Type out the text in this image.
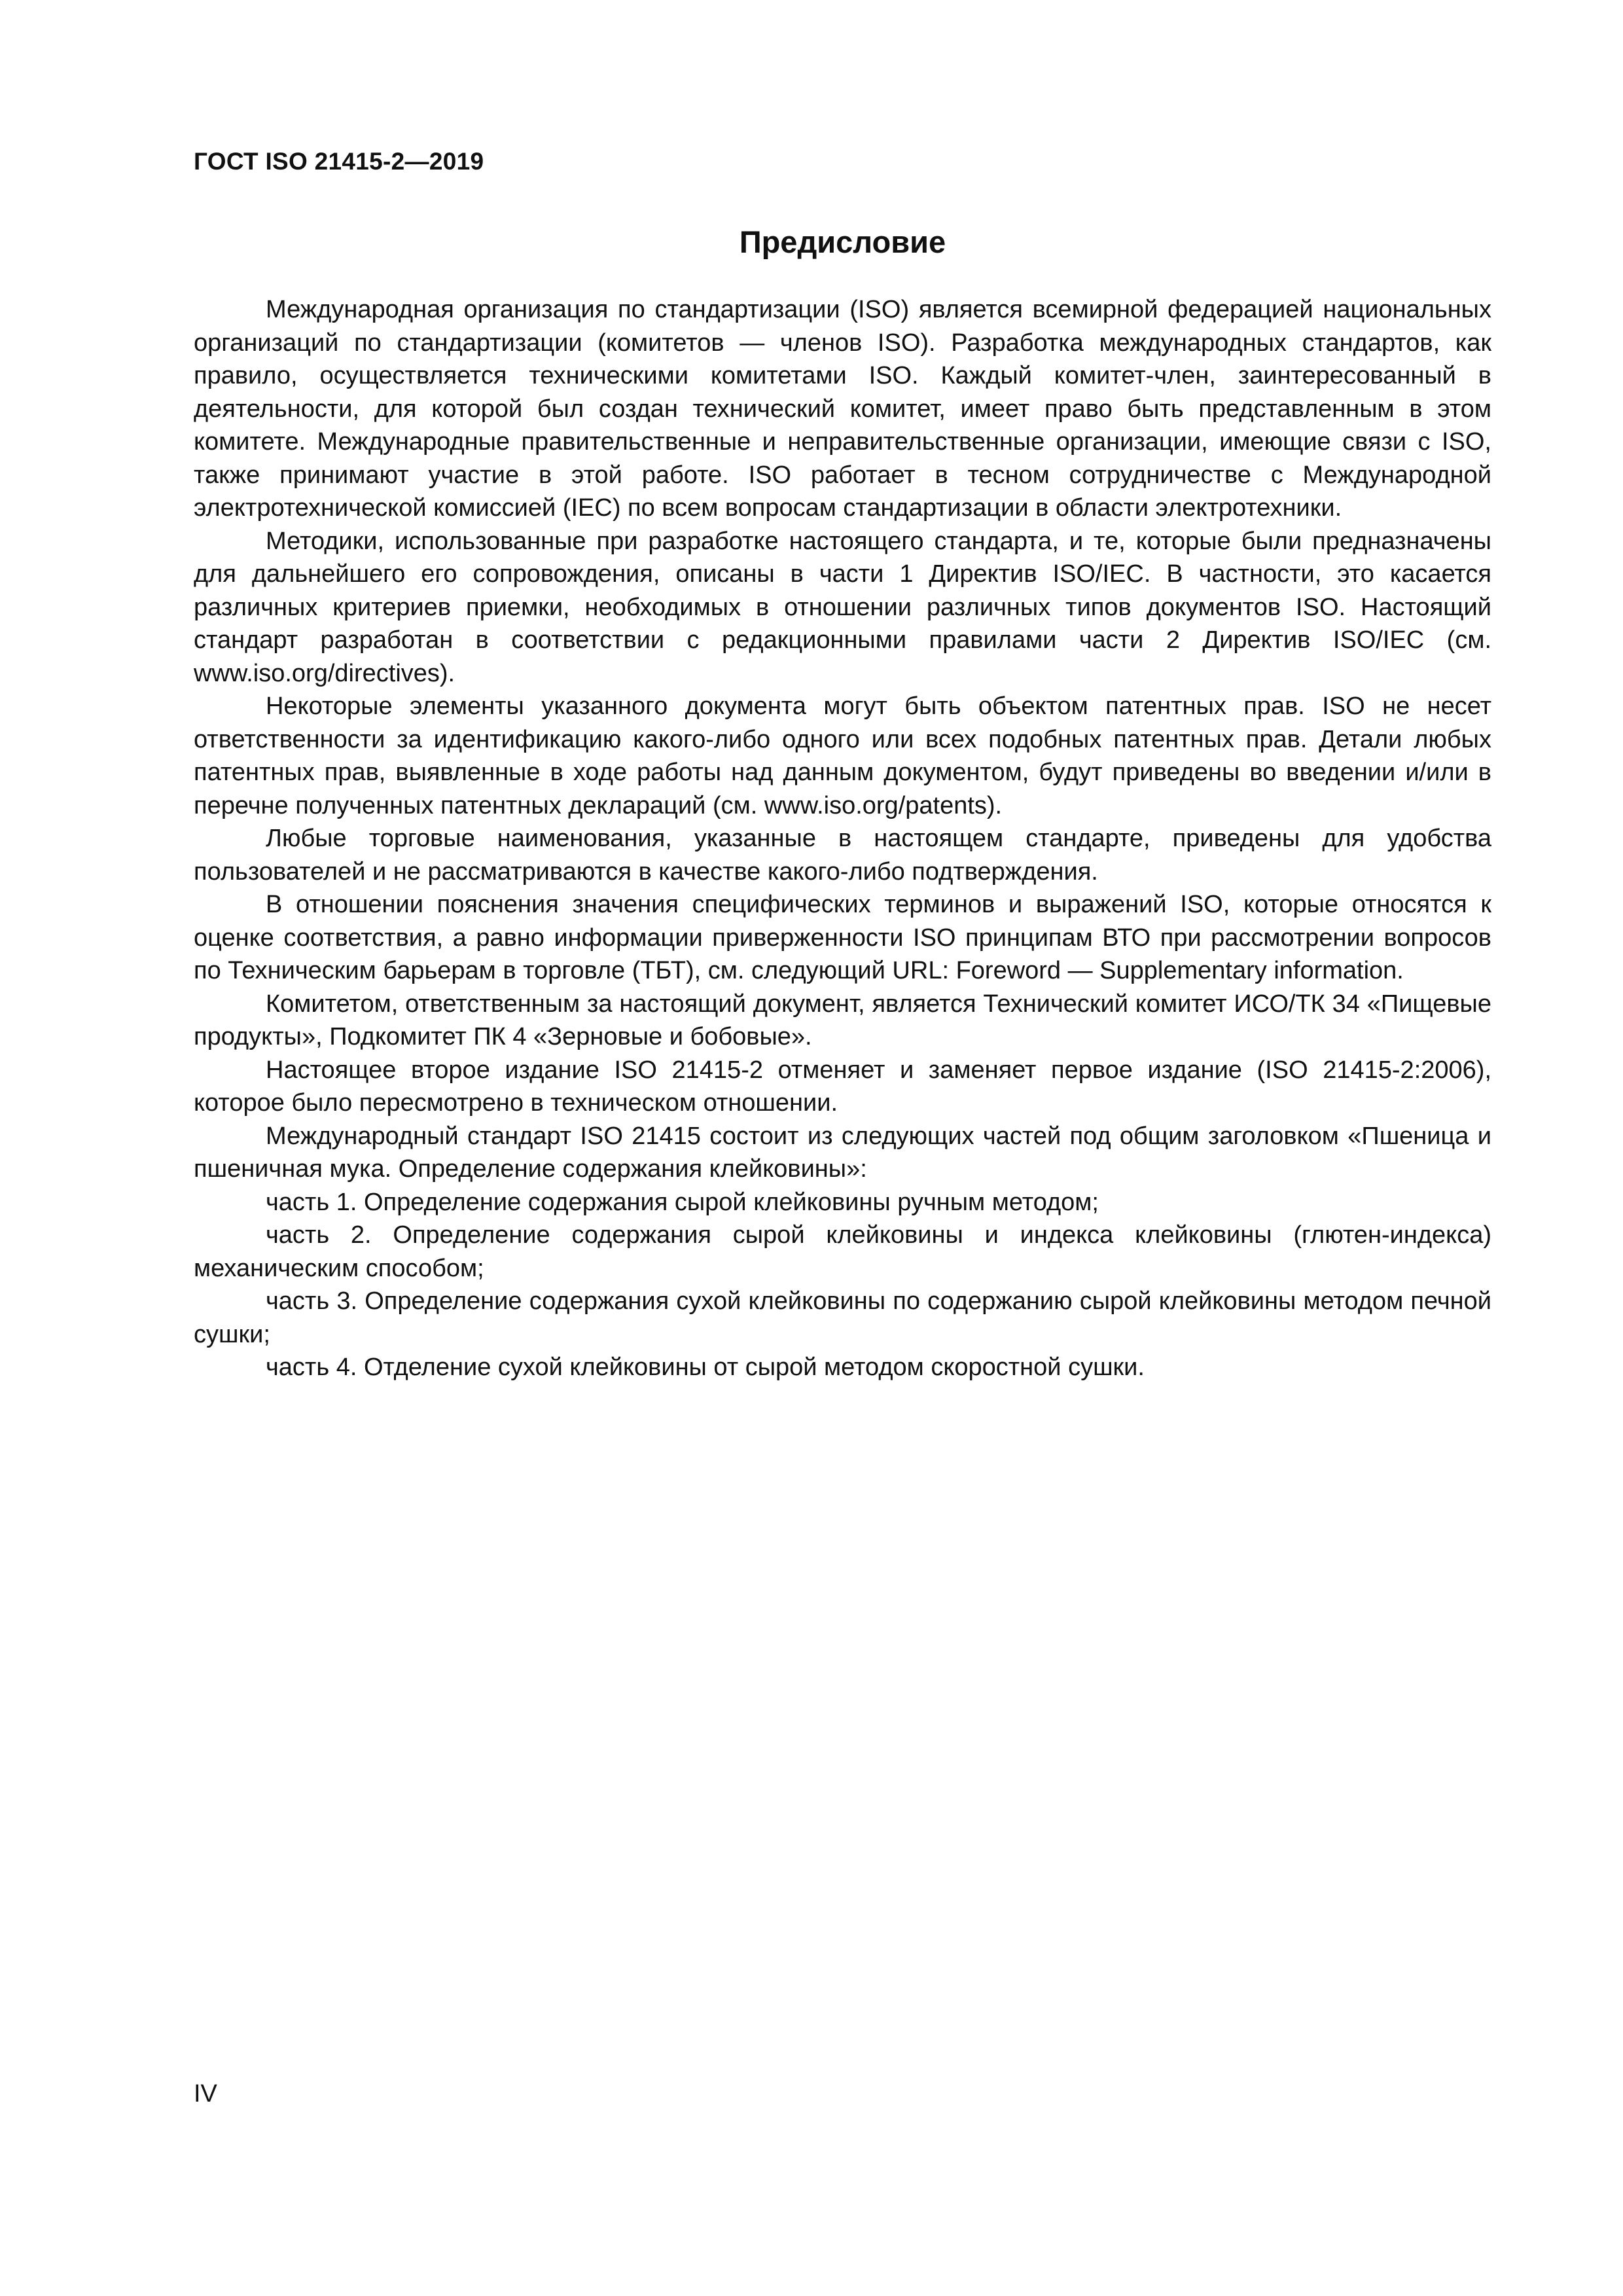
ГОСТ ISO 21415-2—2019
Предисловие

Международная организация по стандартизации (ISO) является всемирной федерацией национальных организаций по стандартизации (комитетов — членов ISO). Разработка международных стандартов, как правило, осуществляется техническими комитетами ISO. Каждый комитет-член, заинтересованный в деятельности, для которой был создан технический комитет, имеет право быть представленным в этом комитете. Международные правительственные и неправительственные организации, имеющие связи с ISO, также принимают участие в этой работе. ISO работает в тесном сотрудничестве с Международной электротехнической комиссией (IEC) по всем вопросам стандартизации в области электротехники.

Методики, использованные при разработке настоящего стандарта, и те, которые были предназначены для дальнейшего его сопровождения, описаны в части 1 Директив ISO/IEC. В частности, это касается различных критериев приемки, необходимых в отношении различных типов документов ISO. Настоящий стандарт разработан в соответствии с редакционными правилами части 2 Директив ISO/IEC (см. www.iso.org/directives).

Некоторые элементы указанного документа могут быть объектом патентных прав. ISO не несет ответственности за идентификацию какого-либо одного или всех подобных патентных прав. Детали любых патентных прав, выявленные в ходе работы над данным документом, будут приведены во введении и/или в перечне полученных патентных деклараций (см. www.iso.org/patents).

Любые торговые наименования, указанные в настоящем стандарте, приведены для удобства пользователей и не рассматриваются в качестве какого-либо подтверждения.

В отношении пояснения значения специфических терминов и выражений ISO, которые относятся к оценке соответствия, а равно информации приверженности ISO принципам ВТО при рассмотрении вопросов по Техническим барьерам в торговле (ТБТ), см. следующий URL: Foreword — Supplementary information.

Комитетом, ответственным за настоящий документ, является Технический комитет ИСО/ТК 34 «Пищевые продукты», Подкомитет ПК 4 «Зерновые и бобовые».

Настоящее второе издание ISO 21415-2 отменяет и заменяет первое издание (ISO 21415-2:2006), которое было пересмотрено в техническом отношении.

Международный стандарт ISO 21415 состоит из следующих частей под общим заголовком «Пшеница и пшеничная мука. Определение содержания клейковины»:

часть 1. Определение содержания сырой клейковины ручным методом;

часть 2. Определение содержания сырой клейковины и индекса клейковины (глютен-индекса) механическим способом;

часть 3. Определение содержания сухой клейковины по содержанию сырой клейковины методом печной сушки;

часть 4. Отделение сухой клейковины от сырой методом скоростной сушки.

IV
